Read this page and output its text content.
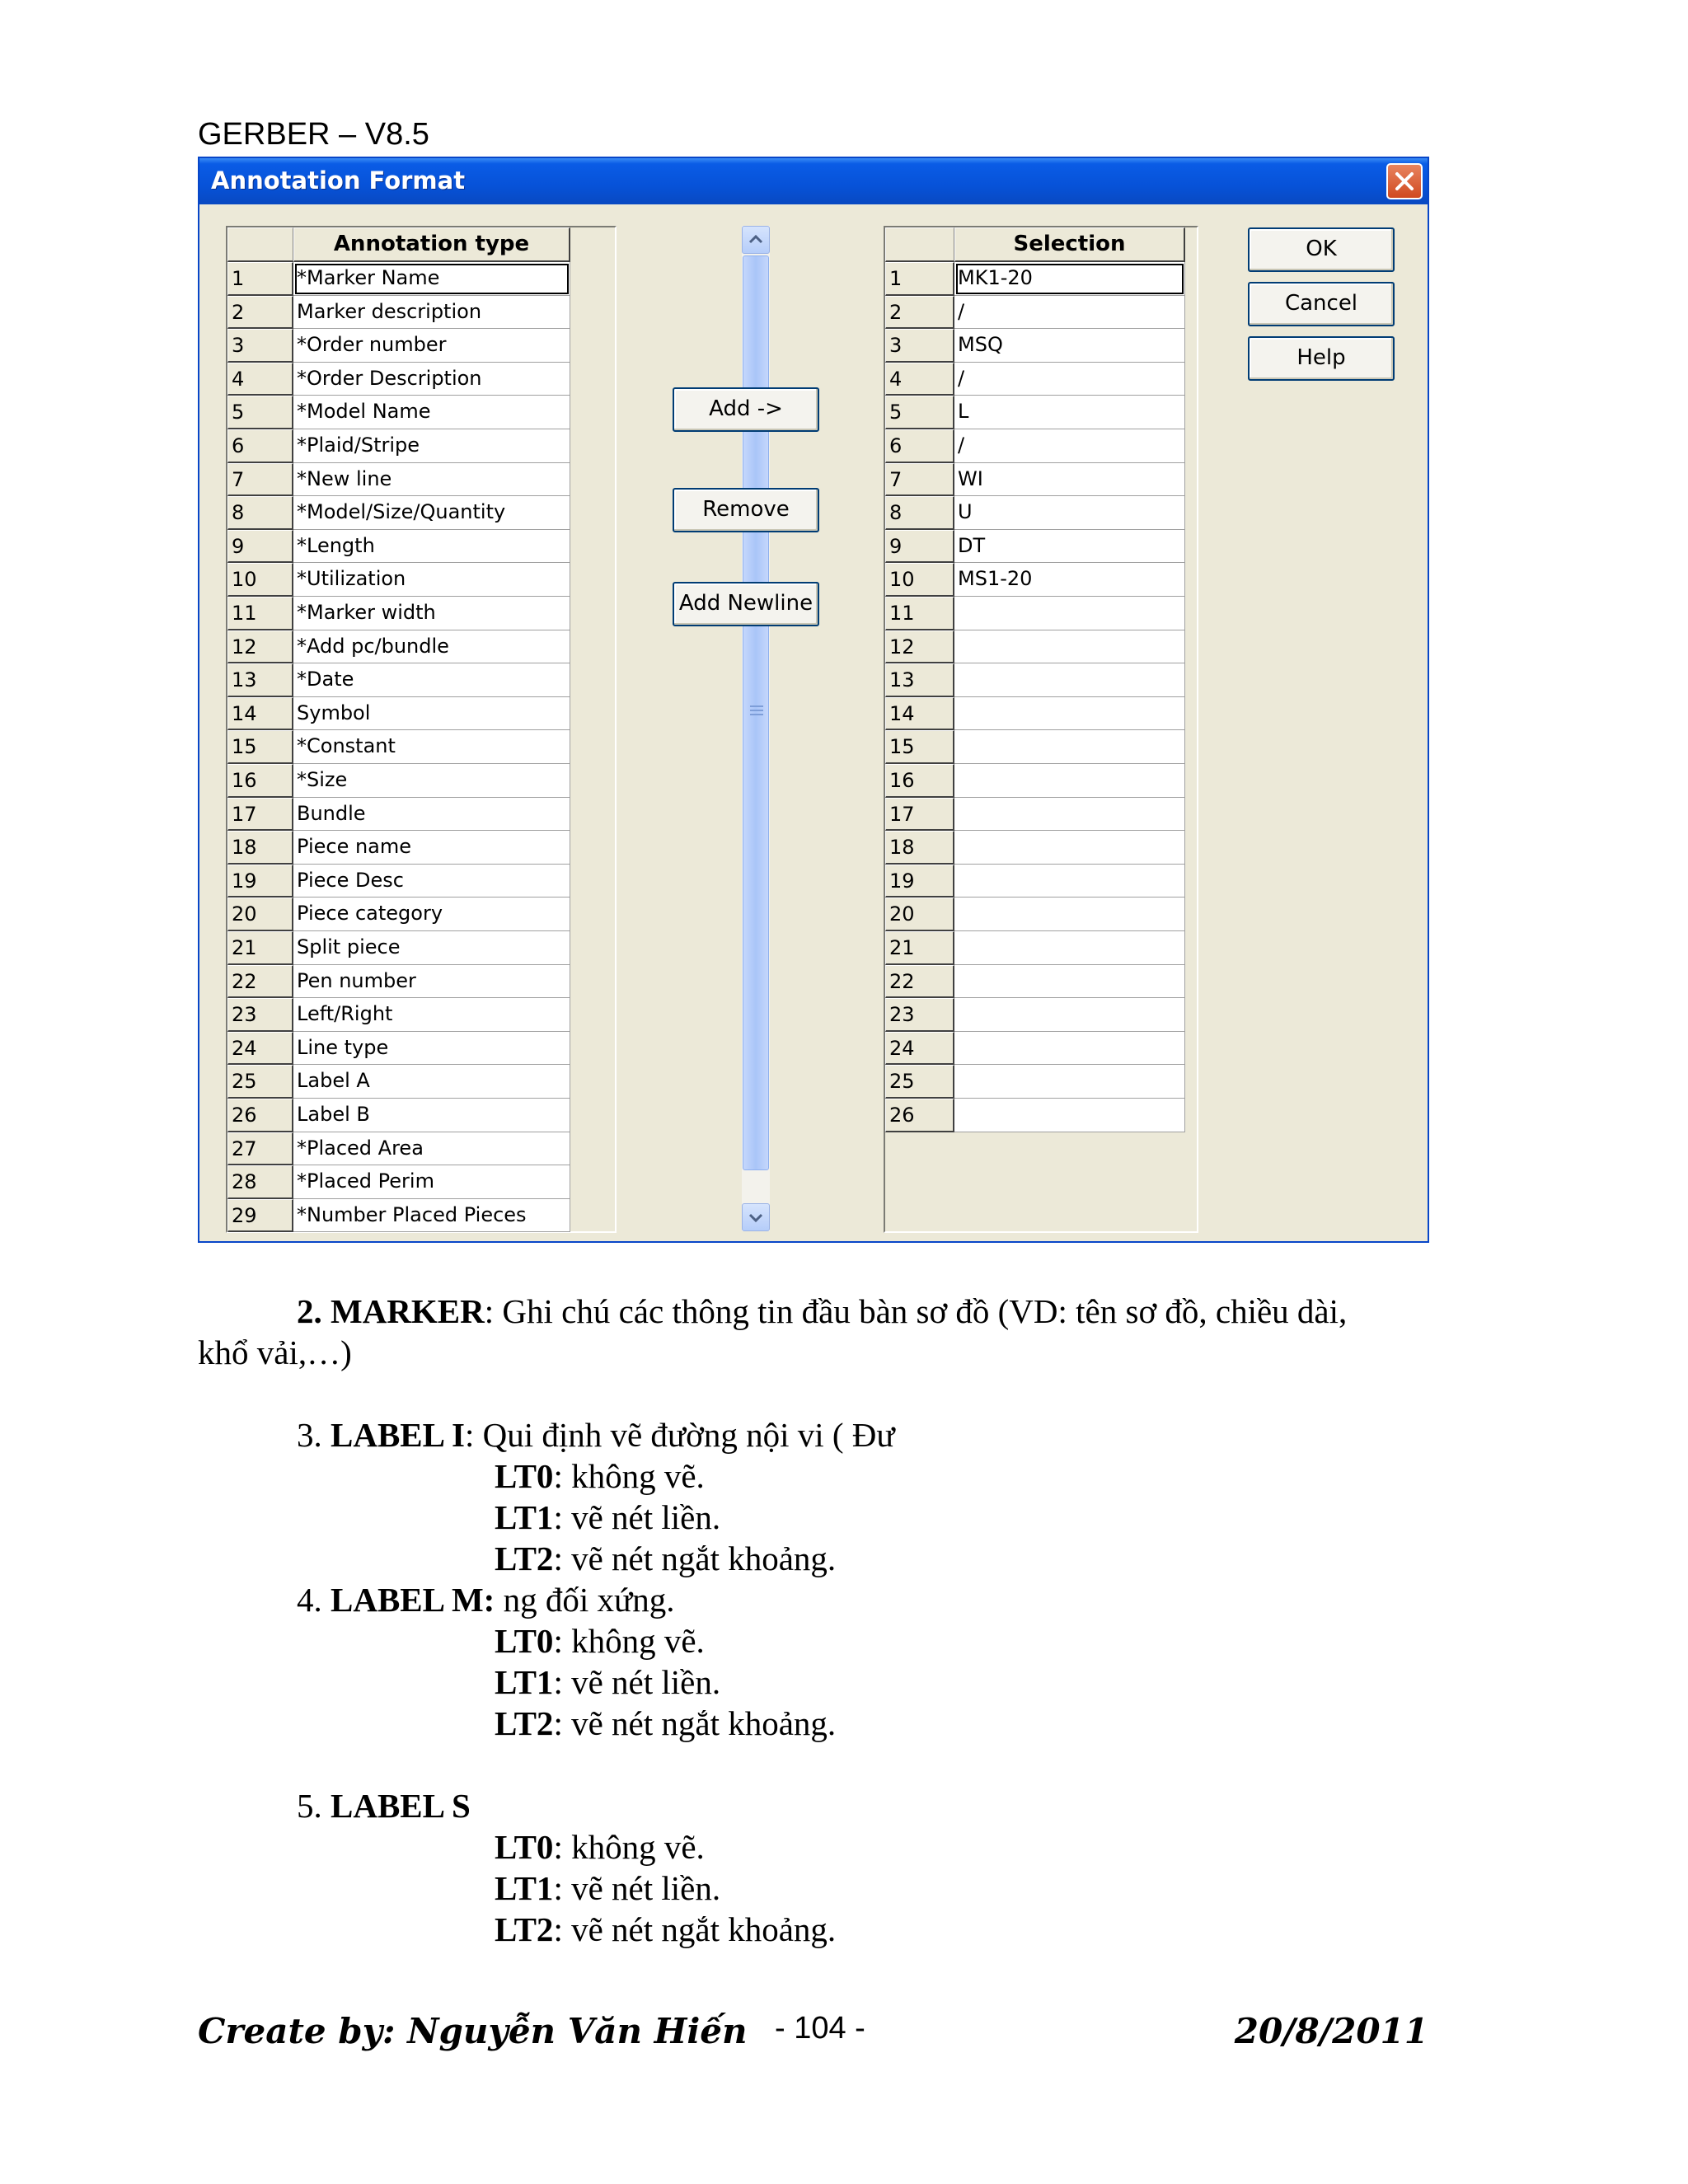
GERBER – V8.5
Annotation Format
Annotation type
1	*Marker Name
2	Marker description
3	*Order number
4	*Order Description
5	*Model Name
6	*Plaid/Stripe
7	*New line
8	*Model/Size/Quantity
9	*Length
10	*Utilization
11	*Marker width
12	*Add pc/bundle
13	*Date
14	Symbol
15	*Constant
16	*Size
17	Bundle
18	Piece name
19	Piece Desc
20	Piece category
21	Split piece
22	Pen number
23	Left/Right
24	Line type
25	Label A
26	Label B
27	*Placed Area
28	*Placed Perim
29	*Number Placed Pieces
Selection
1	MK1-20
2	/
3	MSQ
4	/
5	L
6	/
7	WI
8	U
9	DT
10	MS1-20
11
12
13
14
15
16
17
18
19
20
21
22
23
24
25
26
Add ->
Remove
Add Newline
OK
Cancel
Help
2. MARKER: Ghi chú các thông tin đầu bàn sơ đồ (VD: tên sơ đồ, chiều dài,
khổ vải,…)
3. LABEL I: Qui định vẽ đường nội vi ( Đư
LT0: không vẽ.
LT1: vẽ nét liền.
LT2: vẽ nét ngắt khoảng.
4. LABEL M: ng đối xứng.
LT0: không vẽ.
LT1: vẽ nét liền.
LT2: vẽ nét ngắt khoảng.
5. LABEL S
LT0: không vẽ.
LT1: vẽ nét liền.
LT2: vẽ nét ngắt khoảng.
Create by: Nguyễn Văn Hiến - 104 -	20/8/2011
